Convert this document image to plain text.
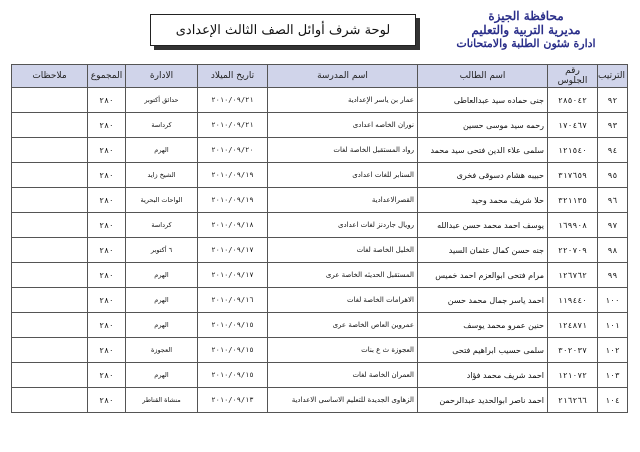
محافظة الجيزة
مديرية التربية والتعليم
ادارة شئون الطلبة والامتحانات
لوحة شرف أوائل الصف الثالث الإعدادى
الترتيب	رقم الجلوس	اسم الطالب	اسم المدرسة	تاريخ الميلاد	الادارة	المجموع	ملاحظات
٩٢	٢٨٥٠٤٢	جنى حماده سيد عبدالعاطى	عمار بن ياسر الإعدادية	٢٠١٠/٠٩/٢١	حدائق أكتوبر	٢٨٠	
٩٣	١٧٠٤٦٧	رحمه سيد موسى حسين	نوران الخاصه اعدادى	٢٠١٠/٠٩/٢١	كرداسة	٢٨٠	
٩٤	١٢١٥٤٠	سلمى علاء الدين فتحى سيد محمد	رواد المستقبل الخاصة لغات	٢٠١٠/٠٩/٢٠	الهرم	٢٨٠	
٩٥	٣١٧٦٥٩	حبيبه هشام دسوقى فخرى	السنابر للغات اعدادى	٢٠١٠/٠٩/١٩	الشيخ زايد	٢٨٠	
٩٦	٣٢١١٣٥	حلا شريف محمد وحيد	القصرالاعدادية	٢٠١٠/٠٩/١٩	الواحات البحرية	٢٨٠	
٩٧	١٦٩٩٠٨	يوسف احمد محمد حسن عبدالله	رويال جاردنز لغات اعدادى	٢٠١٠/٠٩/١٨	كرداسة	٢٨٠	
٩٨	٢٢٠٧٠٩	جنه حسن كمال عثمان السيد	الخليل الخاصة لغات	٢٠١٠/٠٩/١٧	٦ أكتوبر	٢٨٠	
٩٩	١٢٦٧٦٢	مرام فتحى ابوالعزم احمد خميس	المستقبل الحديثه الخاصة عرى	٢٠١٠/٠٩/١٧	الهرم	٢٨٠	
١٠٠	١١٩٤٤٠	احمد ياسر جمال محمد حسن	الاهرامات الخاصة لغات	٢٠١٠/٠٩/١٦	الهرم	٢٨٠	
١٠١	١٢٤٨٧١	حنين عمرو محمد يوسف	عمروبن العاص الخاصة عرى	٢٠١٠/٠٩/١٥	الهرم	٢٨٠	
١٠٢	٣٠٢٠٣٧	سلمى حسيب ابراهيم فتحى	العجوزة ث ع بنات	٢٠١٠/٠٩/١٥	العجوزة	٢٨٠	
١٠٣	١٢١٠٧٢	احمد شريف محمد فؤاد	العمران الخاصة لغات	٢٠١٠/٠٩/١٥	الهرم	٢٨٠	
١٠٤	٢١٦٢٦٦	احمد ناصر ابوالحديد عبدالرحمن	الزهاوى الجديدة للتعليم الاساسى الاعدادية	٢٠١٠/٠٩/١٣	منشاة القناطر	٢٨٠	
